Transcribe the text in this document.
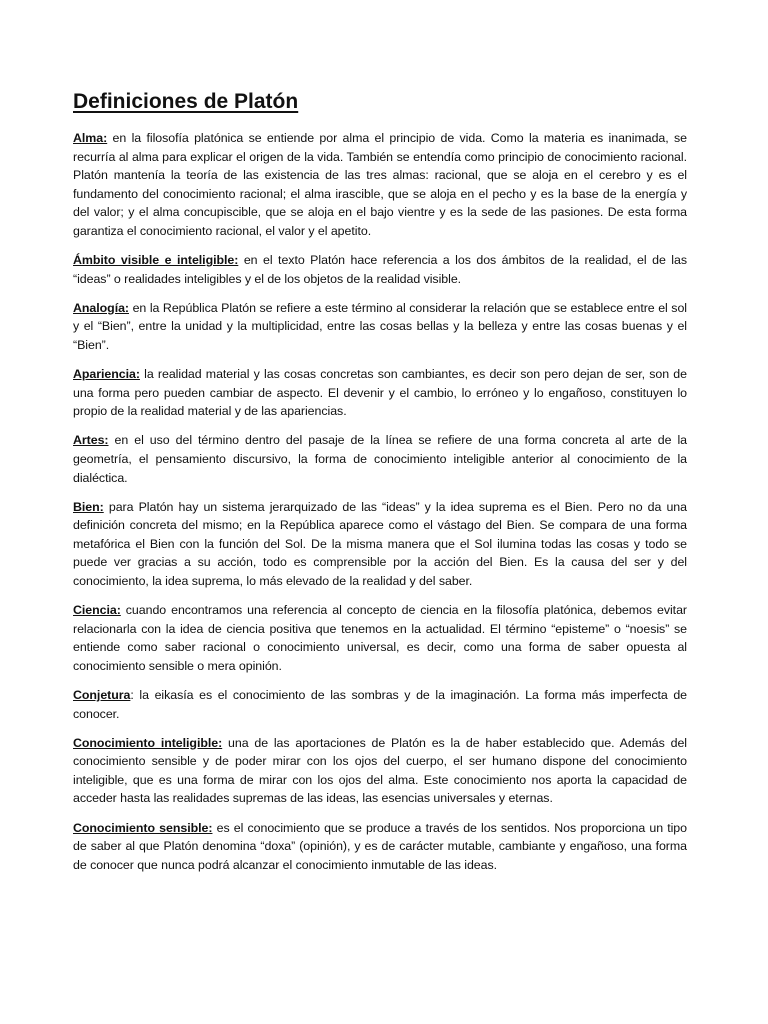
Definiciones de Platón

Alma: en la filosofía platónica se entiende por alma el principio de vida. Como la materia es inanimada, se recurría al alma para explicar el origen de la vida. También se entendía como principio de conocimiento racional. Platón mantenía la teoría de las existencia de las tres almas: racional, que se aloja en el cerebro y es el fundamento del conocimiento racional; el alma irascible, que se aloja en el pecho y es la base de la energía y del valor; y el alma concupiscible, que se aloja en el bajo vientre y es la sede de las pasiones. De esta forma garantiza el conocimiento racional, el valor y el apetito.

Ámbito visible e inteligible: en el texto Platón hace referencia a los dos ámbitos de la realidad, el de las “ideas” o realidades inteligibles y el de los objetos de la realidad visible.

Analogía: en la República Platón se refiere a este término al considerar la relación que se establece entre el sol y el “Bien”, entre la unidad y la multiplicidad, entre las cosas bellas y la belleza y entre las cosas buenas y el “Bien”.

Apariencia: la realidad material y las cosas concretas son cambiantes, es decir son pero dejan de ser, son de una forma pero pueden cambiar de aspecto. El devenir y el cambio, lo erróneo y lo engañoso, constituyen lo propio de la realidad material y de las apariencias.

Artes: en el uso del término dentro del pasaje de la línea se refiere de una forma concreta al arte de la geometría, el pensamiento discursivo, la forma de conocimiento inteligible anterior al conocimiento de la dialéctica.

Bien: para Platón hay un sistema jerarquizado de las “ideas” y la idea suprema es el Bien. Pero no da una definición concreta del mismo; en la República aparece como el vástago del Bien. Se compara de una forma metafórica el Bien con la función del Sol. De la misma manera que el Sol ilumina todas las cosas y todo se puede ver gracias a su acción, todo es comprensible por la acción del Bien. Es la causa del ser y del conocimiento, la idea suprema, lo más elevado de la realidad y del saber.

Ciencia: cuando encontramos una referencia al concepto de ciencia en la filosofía platónica, debemos evitar relacionarla con la idea de ciencia positiva que tenemos en la actualidad. El término “episteme” o “noesis” se entiende como saber racional o conocimiento universal, es decir, como una forma de saber opuesta al conocimiento sensible o mera opinión.

Conjetura: la eikasía es el conocimiento de las sombras y de la imaginación. La forma más imperfecta de conocer.

Conocimiento inteligible: una de las aportaciones de Platón es la de haber establecido que. Además del conocimiento sensible y de poder mirar con los ojos del cuerpo, el ser humano dispone del conocimiento inteligible, que es una forma de mirar con los ojos del alma. Este conocimiento nos aporta la capacidad de acceder hasta las realidades supremas de las ideas, las esencias universales y eternas.

Conocimiento sensible: es el conocimiento que se produce a través de los sentidos. Nos proporciona un tipo de saber al que Platón denomina “doxa” (opinión), y es de carácter mutable, cambiante y engañoso, una forma de conocer que nunca podrá alcanzar el conocimiento inmutable de las ideas.
